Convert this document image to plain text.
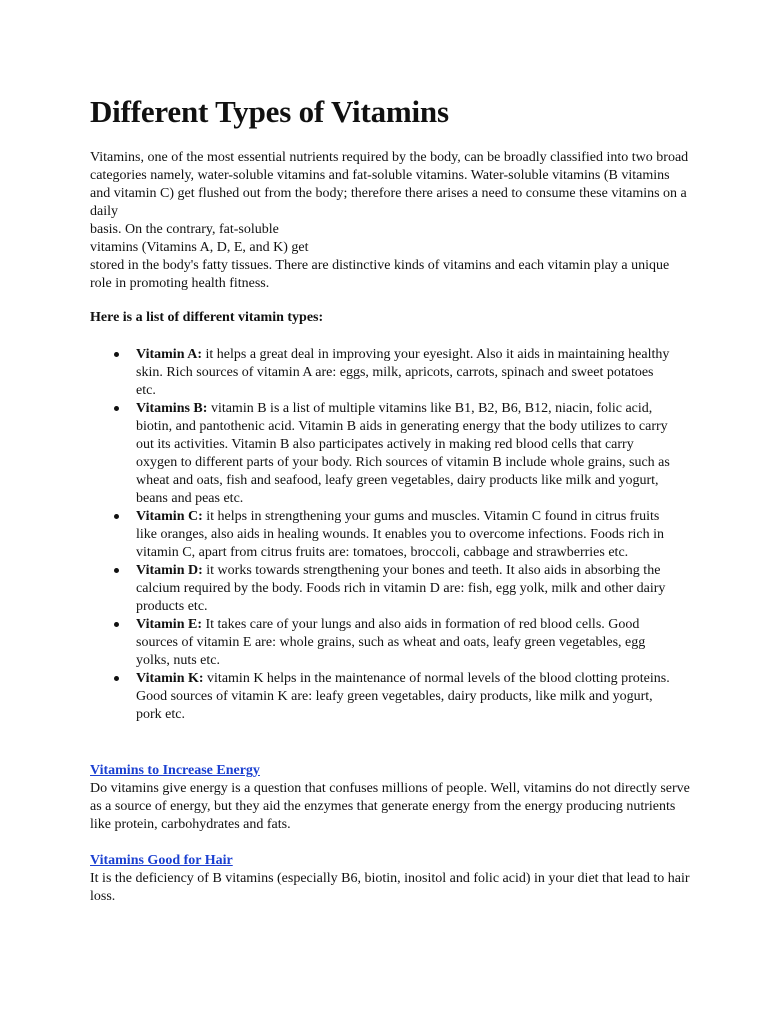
Different Types of Vitamins
Vitamins, one of the most essential nutrients required by the body, can be broadly classified into two broad categories namely, water-soluble vitamins and fat-soluble vitamins. Water-soluble vitamins (B vitamins and vitamin C) get flushed out from the body; therefore there arises a need to consume these vitamins on a daily
basis. On the contrary, fat-soluble
vitamins (Vitamins A, D, E, and K) get
stored in the body's fatty tissues. There are distinctive kinds of vitamins and each vitamin play a unique role in promoting health fitness.

Here is a list of different vitamin types:

Vitamin A: it helps a great deal in improving your eyesight. Also it aids in maintaining healthy skin. Rich sources of vitamin A are: eggs, milk, apricots, carrots, spinach and sweet potatoes etc.
Vitamins B: vitamin B is a list of multiple vitamins like B1, B2, B6, B12, niacin, folic acid, biotin, and pantothenic acid. Vitamin B aids in generating energy that the body utilizes to carry out its activities. Vitamin B also participates actively in making red blood cells that carry oxygen to different parts of your body. Rich sources of vitamin B include whole grains, such as wheat and oats, fish and seafood, leafy green vegetables, dairy products like milk and yogurt, beans and peas etc.
Vitamin C: it helps in strengthening your gums and muscles. Vitamin C found in citrus fruits like oranges, also aids in healing wounds. It enables you to overcome infections. Foods rich in vitamin C, apart from citrus fruits are: tomatoes, broccoli, cabbage and strawberries etc.
Vitamin D: it works towards strengthening your bones and teeth. It also aids in absorbing the calcium required by the body. Foods rich in vitamin D are: fish, egg yolk, milk and other dairy products etc.
Vitamin E: It takes care of your lungs and also aids in formation of red blood cells. Good sources of vitamin E are: whole grains, such as wheat and oats, leafy green vegetables, egg yolks, nuts etc.
Vitamin K: vitamin K helps in the maintenance of normal levels of the blood clotting proteins. Good sources of vitamin K are: leafy green vegetables, dairy products, like milk and yogurt, pork etc.
Vitamins to Increase Energy

Do vitamins give energy is a question that confuses millions of people. Well, vitamins do not directly serve as a source of energy, but they aid the enzymes that generate energy from the energy producing nutrients like protein, carbohydrates and fats.

Vitamins Good for Hair

It is the deficiency of B vitamins (especially B6, biotin, inositol and folic acid) in your diet that lead to hair loss.
